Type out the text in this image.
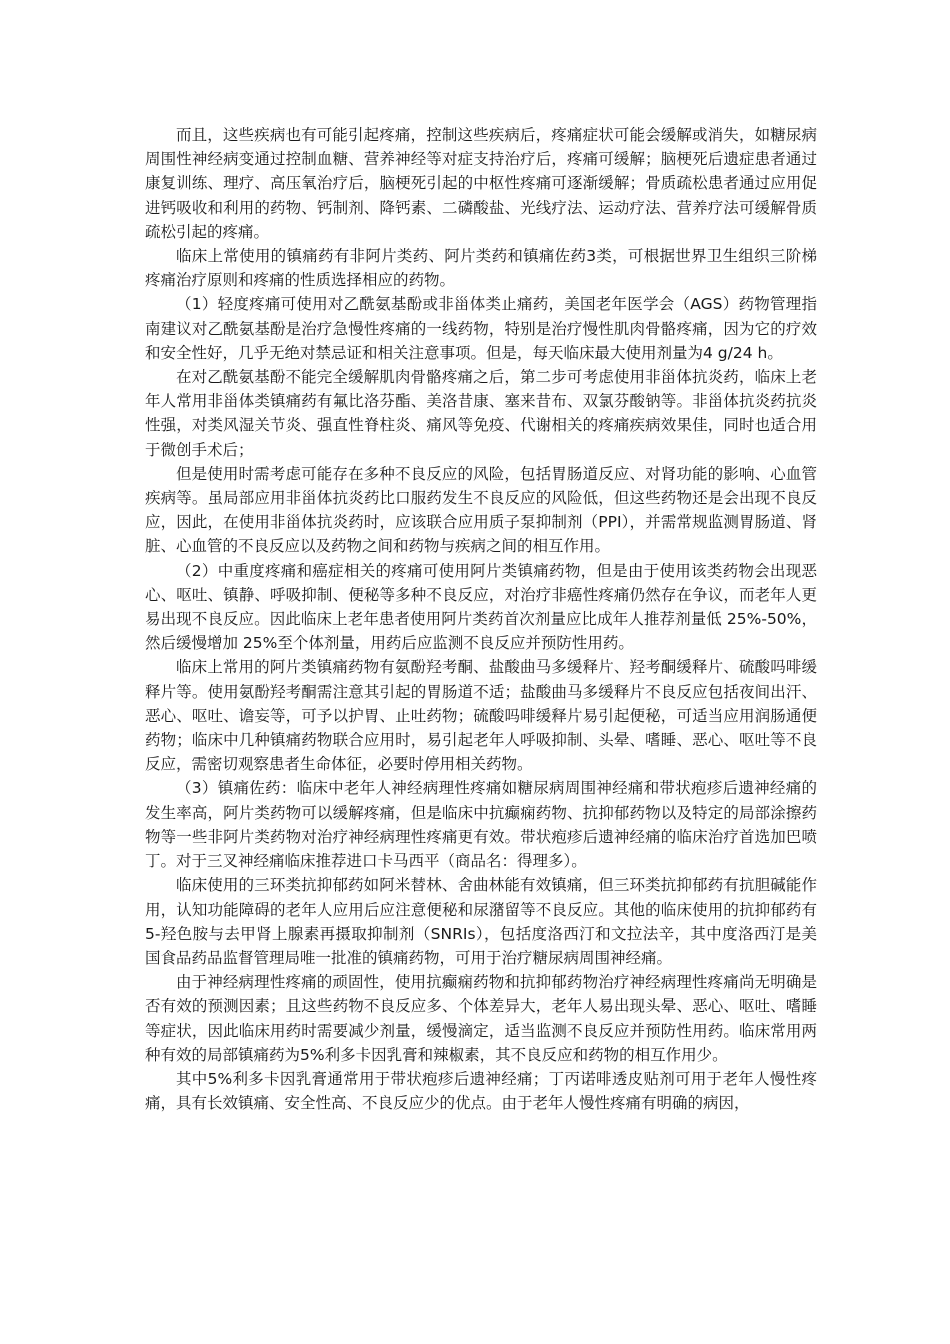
而且，这些疾病也有可能引起疼痛，控制这些疾病后，疼痛症状可能会缓解或消失，如糖尿病周围性神经病变通过控制血糖、营养神经等对症支持治疗后，疼痛可缓解；脑梗死后遗症患者通过康复训练、理疗、高压氧治疗后，脑梗死引起的中枢性疼痛可逐渐缓解；骨质疏松患者通过应用促进钙吸收和利用的药物、钙制剂、降钙素、二磷酸盐、光线疗法、运动疗法、营养疗法可缓解骨质疏松引起的疼痛。

临床上常使用的镇痛药有非阿片类药、阿片类药和镇痛佐药3类，可根据世界卫生组织三阶梯疼痛治疗原则和疼痛的性质选择相应的药物。

（1）轻度疼痛可使用对乙酰氨基酚或非甾体类止痛药，美国老年医学会（AGS）药物管理指南建议对乙酰氨基酚是治疗急慢性疼痛的一线药物，特别是治疗慢性肌肉骨骼疼痛，因为它的疗效和安全性好，几乎无绝对禁忌证和相关注意事项。但是，每天临床最大使用剂量为4 g/24 h。

在对乙酰氨基酚不能完全缓解肌肉骨骼疼痛之后，第二步可考虑使用非甾体抗炎药，临床上老年人常用非甾体类镇痛药有氟比洛芬酯、美洛昔康、塞来昔布、双氯芬酸钠等。非甾体抗炎药抗炎性强，对类风湿关节炎、强直性脊柱炎、痛风等免疫、代谢相关的疼痛疾病效果佳，同时也适合用于微创手术后；

但是使用时需考虑可能存在多种不良反应的风险，包括胃肠道反应、对肾功能的影响、心血管疾病等。虽局部应用非甾体抗炎药比口服药发生不良反应的风险低，但这些药物还是会出现不良反应，因此，在使用非甾体抗炎药时，应该联合应用质子泵抑制剂（PPI），并需常规监测胃肠道、肾脏、心血管的不良反应以及药物之间和药物与疾病之间的相互作用。

（2）中重度疼痛和癌症相关的疼痛可使用阿片类镇痛药物，但是由于使用该类药物会出现恶心、呕吐、镇静、呼吸抑制、便秘等多种不良反应，对治疗非癌性疼痛仍然存在争议，而老年人更易出现不良反应。因此临床上老年患者使用阿片类药首次剂量应比成年人推荐剂量低 25%-50%，然后缓慢增加 25%至个体剂量，用药后应监测不良反应并预防性用药。

临床上常用的阿片类镇痛药物有氨酚羟考酮、盐酸曲马多缓释片、羟考酮缓释片、硫酸吗啡缓释片等。使用氨酚羟考酮需注意其引起的胃肠道不适；盐酸曲马多缓释片不良反应包括夜间出汗、恶心、呕吐、谵妄等，可予以护胃、止吐药物；硫酸吗啡缓释片易引起便秘，可适当应用润肠通便药物；临床中几种镇痛药物联合应用时，易引起老年人呼吸抑制、头晕、嗜睡、恶心、呕吐等不良反应，需密切观察患者生命体征，必要时停用相关药物。

（3）镇痛佐药：临床中老年人神经病理性疼痛如糖尿病周围神经痛和带状疱疹后遗神经痛的发生率高，阿片类药物可以缓解疼痛，但是临床中抗癫痫药物、抗抑郁药物以及特定的局部涂擦药物等一些非阿片类药物对治疗神经病理性疼痛更有效。带状疱疹后遗神经痛的临床治疗首选加巴喷丁。对于三叉神经痛临床推荐进口卡马西平（商品名：得理多）。

临床使用的三环类抗抑郁药如阿米替林、舍曲林能有效镇痛，但三环类抗抑郁药有抗胆碱能作用，认知功能障碍的老年人应用后应注意便秘和尿潴留等不良反应。其他的临床使用的抗抑郁药有5-羟色胺与去甲肾上腺素再摄取抑制剂（SNRIs），包括度洛西汀和文拉法辛，其中度洛西汀是美国食品药品监督管理局唯一批准的镇痛药物，可用于治疗糖尿病周围神经痛。

由于神经病理性疼痛的顽固性，使用抗癫痫药物和抗抑郁药物治疗神经病理性疼痛尚无明确是否有效的预测因素；且这些药物不良反应多、个体差异大，老年人易出现头晕、恶心、呕吐、嗜睡等症状，因此临床用药时需要减少剂量，缓慢滴定，适当监测不良反应并预防性用药。临床常用两种有效的局部镇痛药为5%利多卡因乳膏和辣椒素，其不良反应和药物的相互作用少。

其中5%利多卡因乳膏通常用于带状疱疹后遗神经痛；丁丙诺啡透皮贴剂可用于老年人慢性疼痛，具有长效镇痛、安全性高、不良反应少的优点。由于老年人慢性疼痛有明确的病因，
